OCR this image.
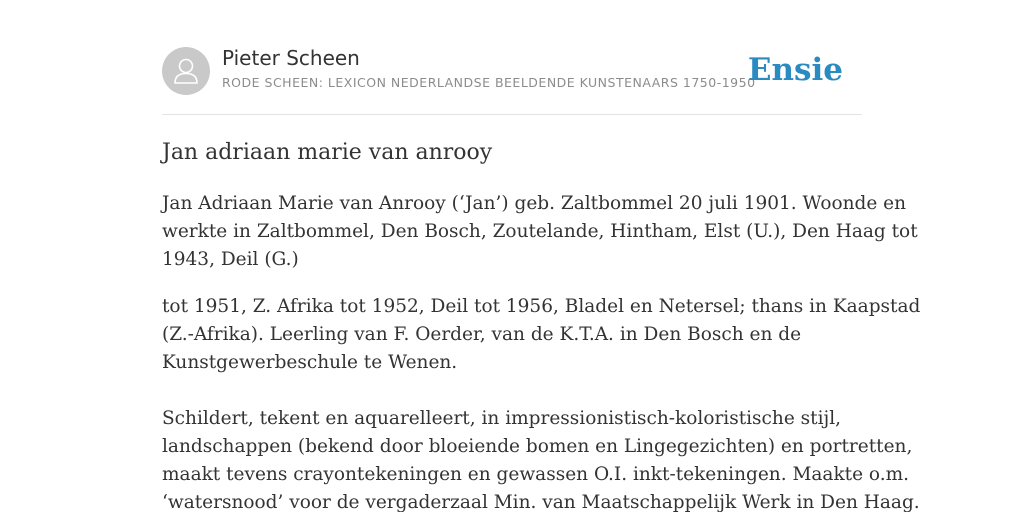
Pieter Scheen
RODE SCHEEN: LEXICON NEDERLANDSE BEELDENDE KUNSTENAARS 1750-1950
Ensie
Jan adriaan marie van anrooy

Jan Adriaan Marie van Anrooy (‘Jan’) geb. Zaltbommel 20 juli 1901. Woonde en
werkte in Zaltbommel, Den Bosch, Zoutelande, Hintham, Elst (U.), Den Haag tot
1943, Deil (G.)

tot 1951, Z. Afrika tot 1952, Deil tot 1956, Bladel en Netersel; thans in Kaapstad
(Z.-Afrika). Leerling van F. Oerder, van de K.T.A. in Den Bosch en de
Kunstgewerbeschule te Wenen.

Schildert, tekent en aquarelleert, in impressionistisch-koloristische stijl,
landschappen (bekend door bloeiende bomen en Lingegezichten) en portretten,
maakt tevens crayontekeningen en gewassen O.I. inkt-tekeningen. Maakte o.m.
‘watersnood’ voor de vergaderzaal Min. van Maatschappelijk Werk in Den Haag.
